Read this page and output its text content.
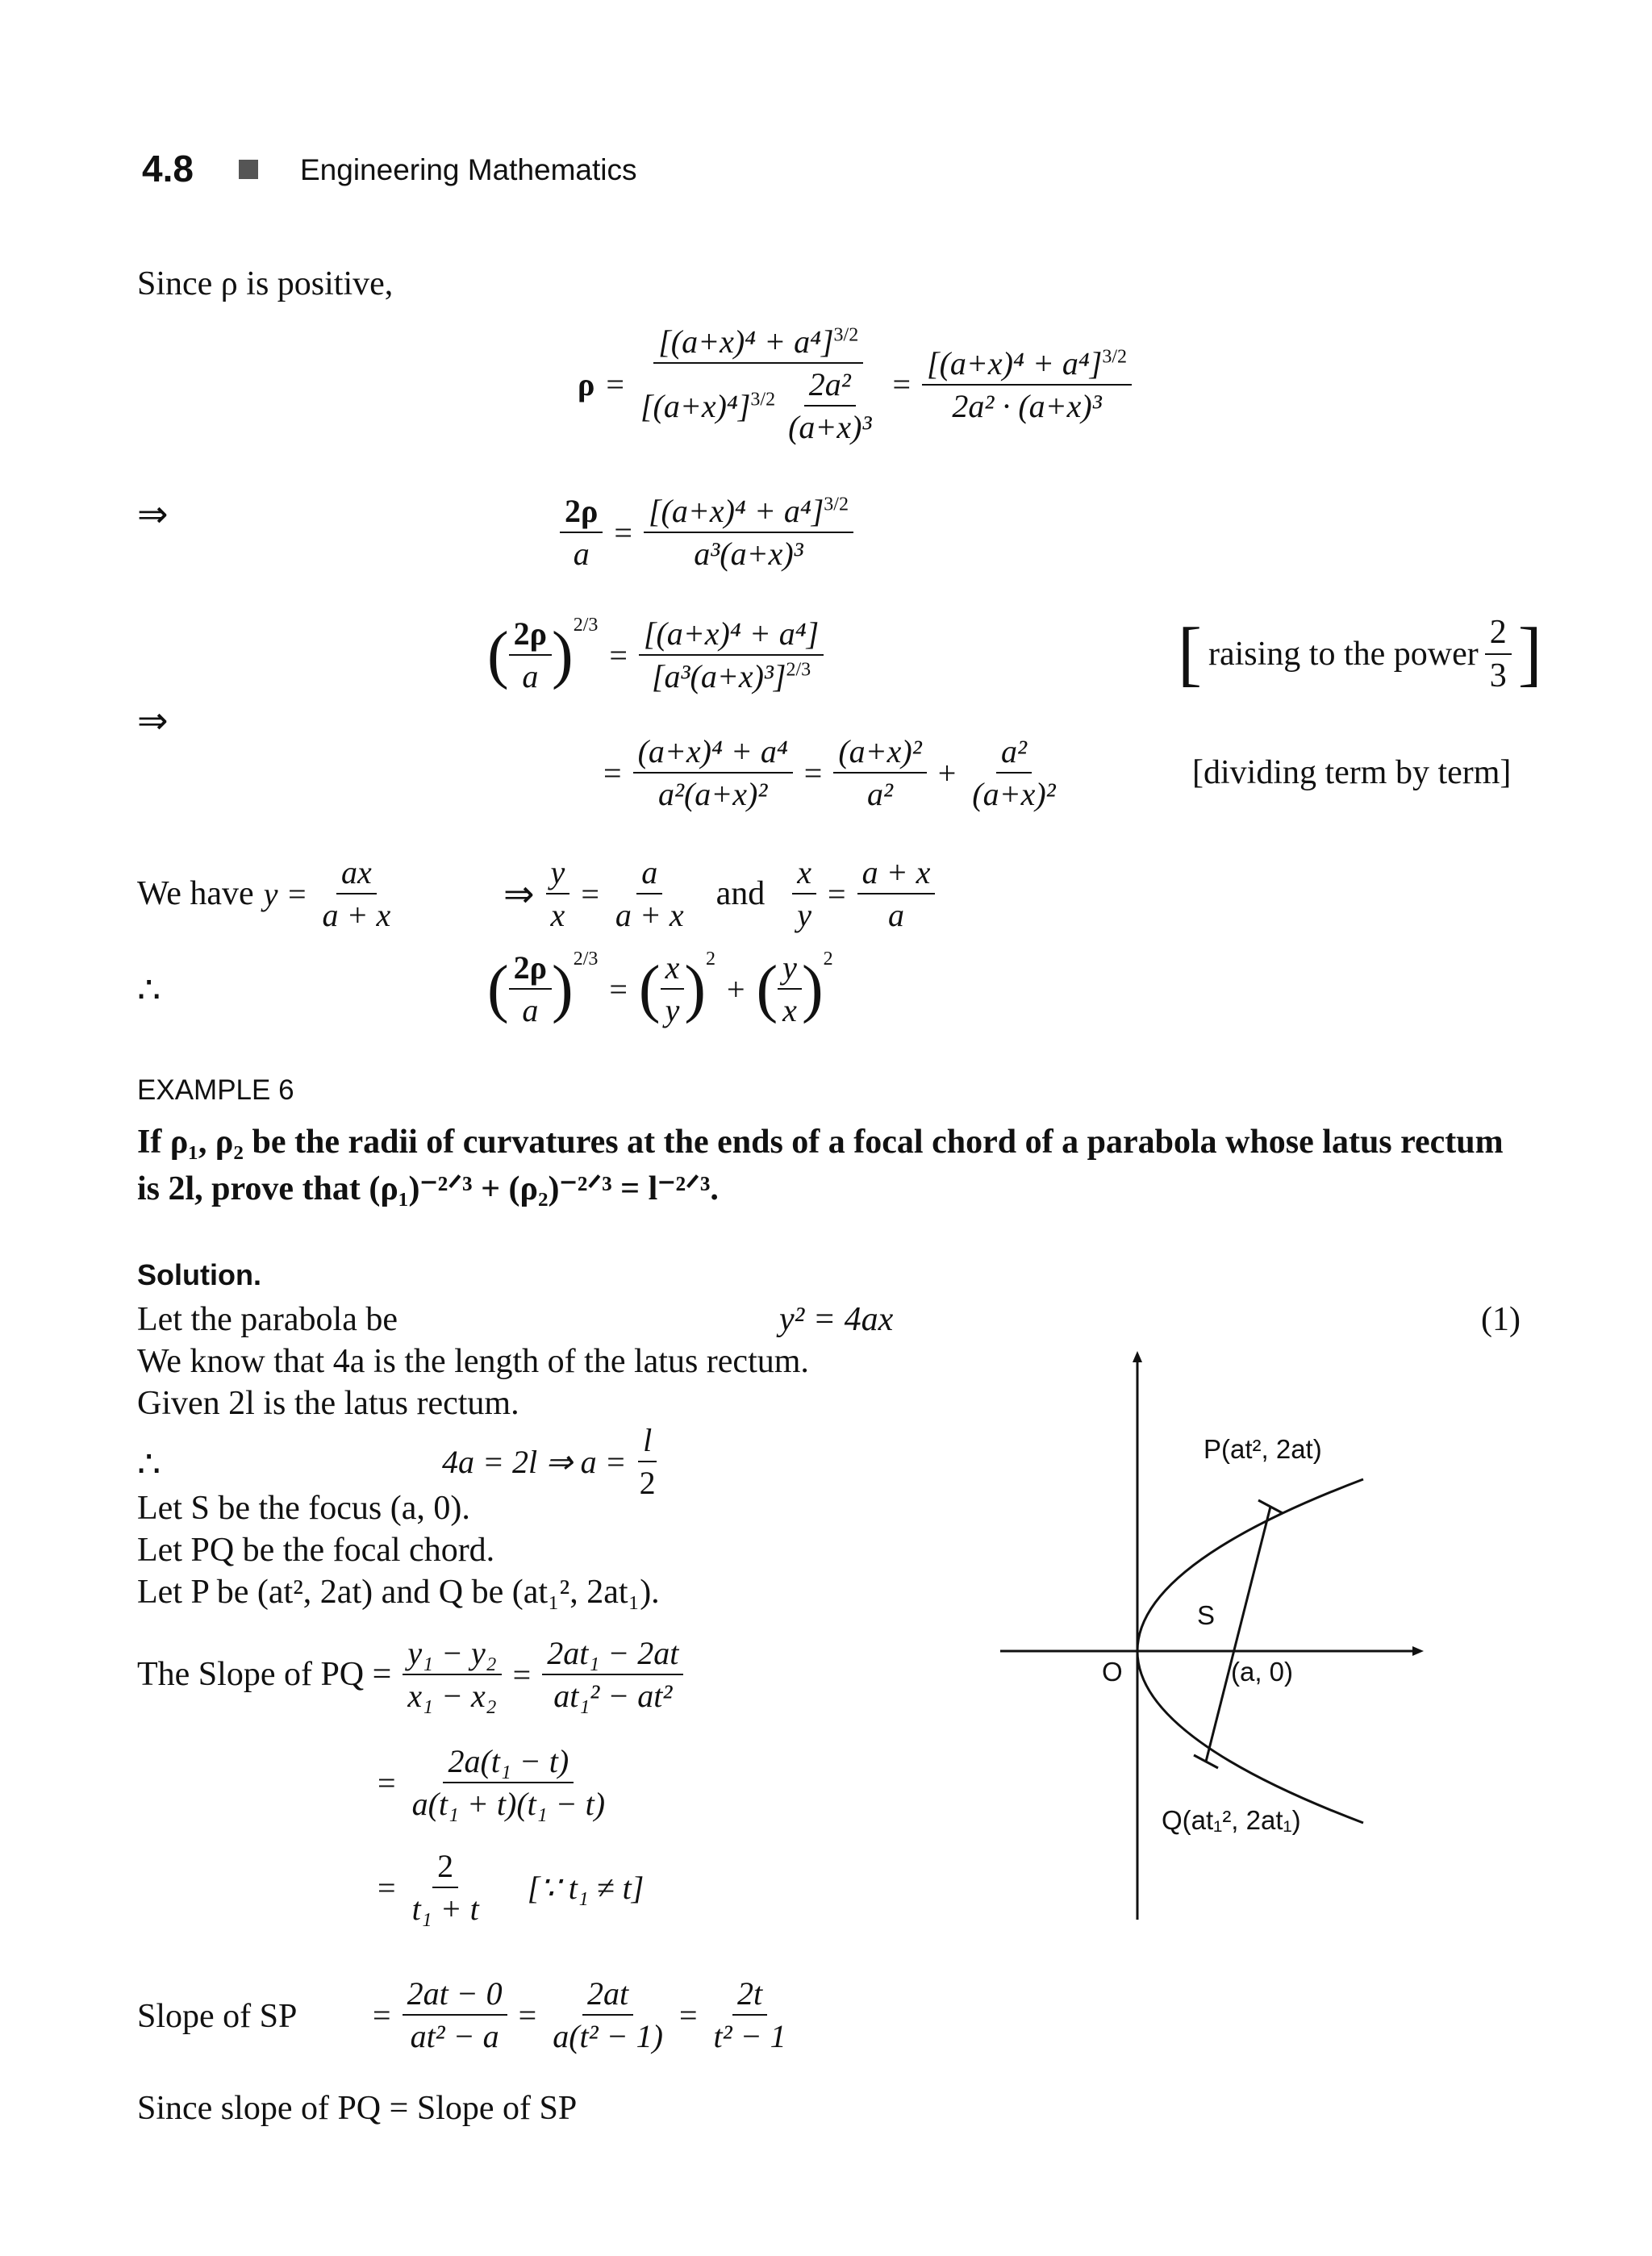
4.8	Engineering Mathematics
Since ρ is positive,
$\rho = \frac{[(a+x)^4 + a^4]^{3/2}}{[(a+x)^4]^{3/2} \frac{\text{2a²}}{\text{(a+x)³}}} = \frac{[(a+x)^4 + a^4]^{3/2}}{\text{2a² · (a+x)³}}$
⇒	$\frac{2\rho}{a} = \frac{[(a+x)^4 + a^4]^{3/2}}{\text{a³(a+x)³}}$
( $\frac{2\rho}{a} )^{2/3}$
= $\frac{\text{[(a+x)⁴ + a⁴]}}{[a^3(a+x)^3]^{2/3}}$	[ raising to the power $\frac{2}{3}$ ]
⇒
= $\frac{\text{(a+x)⁴ + a⁴}}{\text{a²(a+x)²}} = \frac{\text{(a+x)²}}{\text{a²}} + \frac{\text{a²}}{\text{(a+x)²}}$	[dividing term by term]
We have $y = \frac{ax}{a + x}$	⇒ $\frac{y}{x} = \frac{a}{a + x}$ and $\frac{x}{y} = \frac{a + x}{a}$
∴	( $\frac{2\rho}{a} )^{2/3}$
= ( $\frac{x}{y} )^2$
+ ( $\frac{y}{x} )^2$
EXAMPLE 6
If ρ₁, ρ₂ be the radii of curvatures at the ends of a focal chord of a parabola whose latus rectum
is 2l, prove that (ρ₁)⁻²ᐟ³ + (ρ₂)⁻²ᐟ³ = l⁻²ᐟ³.
Solution.
Let the parabola be	y² = 4ax	(1)
We know that 4a is the length of the latus rectum.
Given 2l is the latus rectum.
∴	4a = 2l ⇒ $a = \frac{l}{2}$
Let S be the focus (a, 0).
Let PQ be the focal chord.
Let P be (at², 2at) and Q be (at₁², 2at₁).
The Slope of PQ = $\frac{\text{y₁ − y₂}}{\text{x₁ − x₂}} = \frac{\text{2at₁ − 2at}}{\text{at₁² − at²}}$
= $\frac{\text{2a(t₁ − t)}}{\text{a(t₁ + t)(t₁ − t)}}$
= $\frac{2}{\text{t₁ + t}}$ [∵ t₁ ≠ t]
Slope of SP = $\frac{2at - 0}{\text{at² − a}} = \frac{2at}{\text{a(t² − 1)}} = \frac{2t}{\text{t² − 1}}$
Since slope of PQ = Slope of SP
P(at², 2at)
S
O	(a, 0)
Q(at₁², 2at₁)
